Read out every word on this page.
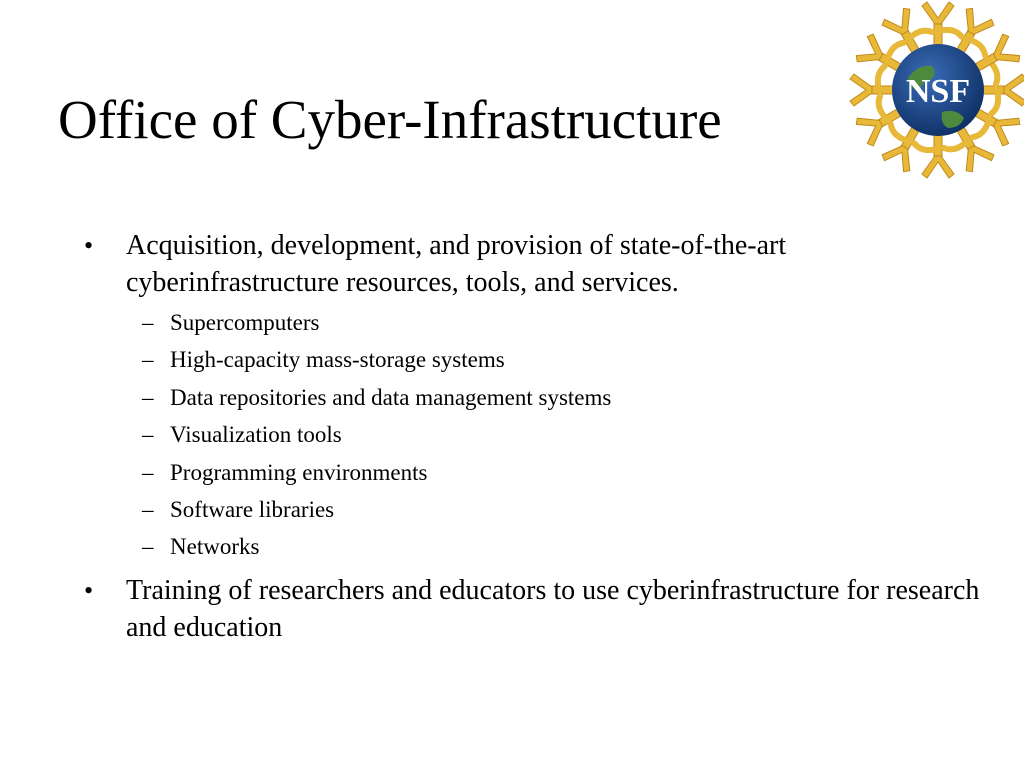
Office of Cyber-Infrastructure	NSF
• Acquisition, development, and provision of state-of-the-art cyberinfrastructure resources, tools, and services.
– Supercomputers
– High-capacity mass-storage systems
– Data repositories and data management systems
– Visualization tools
– Programming environments
– Software libraries
– Networks
• Training of researchers and educators to use cyberinfrastructure for research and education
